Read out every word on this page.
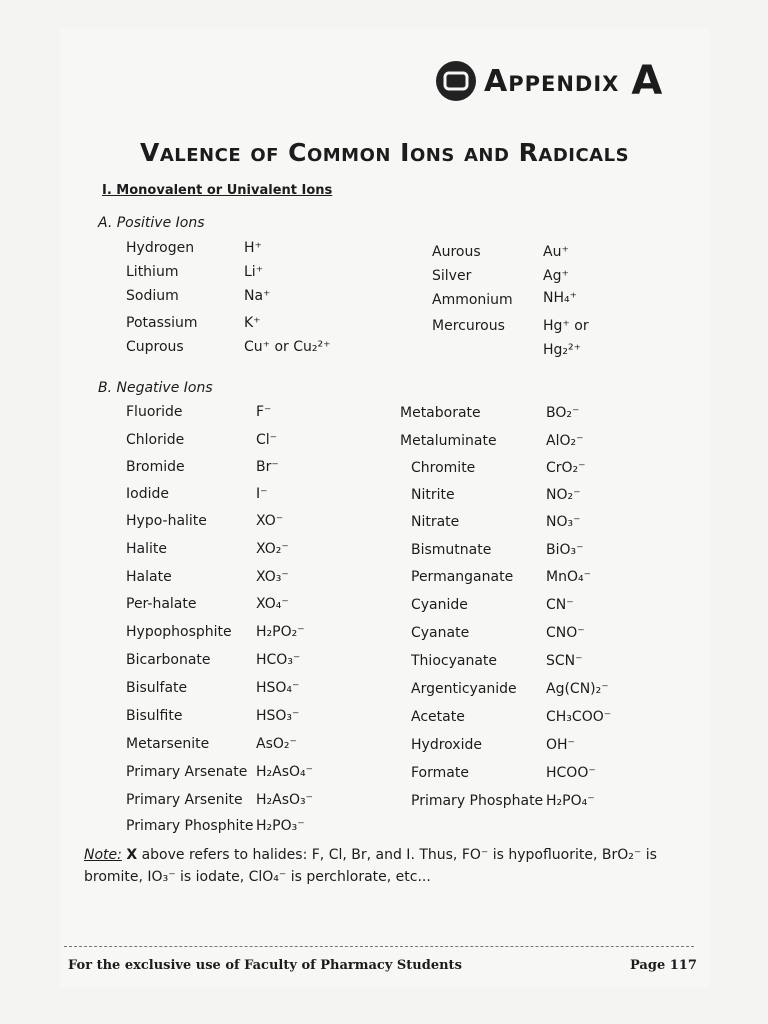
Appendix A
Valence of Common Ions and Radicals
I. Monovalent or Univalent Ions
A. Positive Ions
Hydrogen	H⁺
Lithium	Li⁺
Sodium	Na⁺
Potassium	K⁺
Cuprous	Cu⁺ or Cu₂²⁺
Aurous	Au⁺
Silver	Ag⁺
Ammonium NH₄⁺
Mercurous	Hg⁺ or
Hg₂²⁺
B. Negative Ions
Fluoride	F⁻
Chloride	Cl⁻
Bromide	Br⁻
Iodide	I⁻
Hypo-halite	XO⁻
Halite	XO₂⁻
Halate	XO₃⁻
Per-halate	XO₄⁻
Hypophosphite H₂PO₂⁻
Bicarbonate	HCO₃⁻
Bisulfate	HSO₄⁻
Bisulfite	HSO₃⁻
Metarsenite	AsO₂⁻
Primary Arsenate H₂AsO₄⁻
Primary Arsenite H₂AsO₃⁻
Primary Phosphite H₂PO₃⁻
Metaborate	BO₂⁻
Metaluminate	AlO₂⁻
Chromite	CrO₂⁻
Nitrite	NO₂⁻
Nitrate	NO₃⁻
Bismutnate	BiO₃⁻
Permanganate MnO₄⁻
Cyanide	CN⁻
Cyanate	CNO⁻
Thiocyanate	SCN⁻
Argenticyanide Ag(CN)₂⁻
Acetate	CH₃COO⁻
Hydroxide	OH⁻
Formate	HCOO⁻
Primary Phosphate H₂PO₄⁻
Note: X above refers to halides: F, Cl, Br, and I. Thus, FO⁻ is hypofluorite, BrO₂⁻ is bromite, IO₃⁻ is iodate, ClO₄⁻ is perchlorate, etc...
For the exclusive use of Faculty of Pharmacy Students	Page 117
